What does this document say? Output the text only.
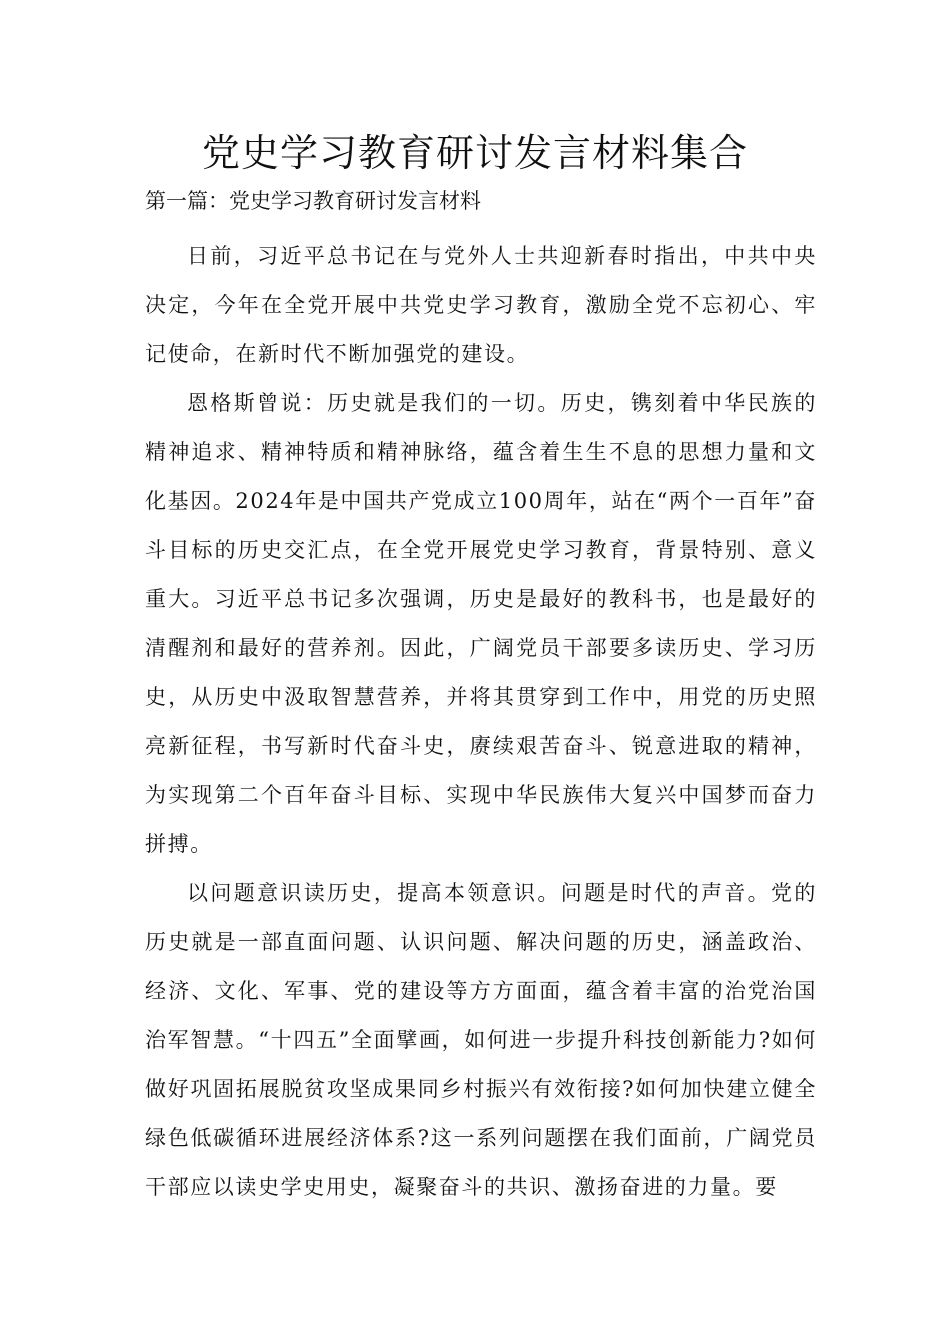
党史学习教育研讨发言材料集合

第一篇：党史学习教育研讨发言材料

日前，习近平总书记在与党外人士共迎新春时指出，中共中央决定，今年在全党开展中共党史学习教育，激励全党不忘初心、牢记使命，在新时代不断加强党的建设。

恩格斯曾说：历史就是我们的一切。历史，镌刻着中华民族的精神追求、精神特质和精神脉络，蕴含着生生不息的思想力量和文化基因。2024年是中国共产党成立100周年，站在“两个一百年”奋斗目标的历史交汇点，在全党开展党史学习教育，背景特别、意义重大。习近平总书记多次强调，历史是最好的教科书，也是最好的清醒剂和最好的营养剂。因此，广阔党员干部要多读历史、学习历史，从历史中汲取智慧营养，并将其贯穿到工作中，用党的历史照亮新征程，书写新时代奋斗史，赓续艰苦奋斗、锐意进取的精神，为实现第二个百年奋斗目标、实现中华民族伟大复兴中国梦而奋力拼搏。

以问题意识读历史，提高本领意识。问题是时代的声音。党的历史就是一部直面问题、认识问题、解决问题的历史，涵盖政治、经济、文化、军事、党的建设等方方面面，蕴含着丰富的治党治国治军智慧。“十四五”全面擘画，如何进一步提升科技创新能力?如何做好巩固拓展脱贫攻坚成果同乡村振兴有效衔接?如何加快建立健全绿色低碳循环进展经济体系?这一系列问题摆在我们面前，广阔党员干部应以读史学史用史，凝聚奋斗的共识、激扬奋进的力量。要
